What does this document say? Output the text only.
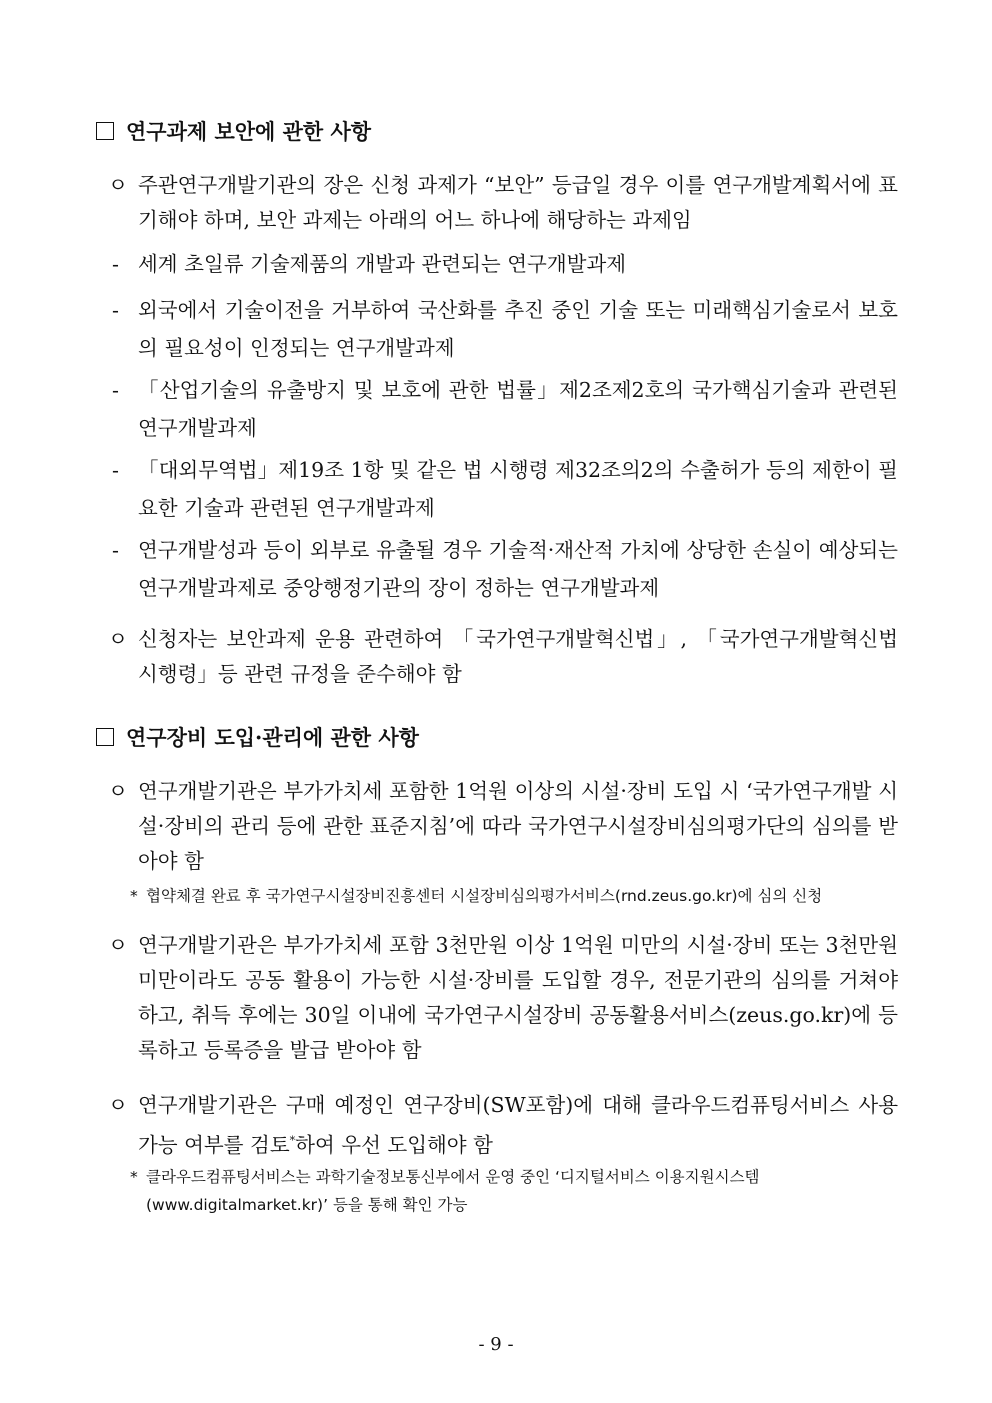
연구과제 보안에 관한 사항
ㅇ 주관연구개발기관의 장은 신청 과제가 “보안” 등급일 경우 이를 연구개발계획서에 표기해야 하며, 보안 과제는 아래의 어느 하나에 해당하는 과제임
- 세계 초일류 기술제품의 개발과 관련되는 연구개발과제
- 외국에서 기술이전을 거부하여 국산화를 추진 중인 기술 또는 미래핵심기술로서 보호의 필요성이 인정되는 연구개발과제
- 「산업기술의 유출방지 및 보호에 관한 법률」제2조제2호의 국가핵심기술과 관련된 연구개발과제
- 「대외무역법」제19조 1항 및 같은 법 시행령 제32조의2의 수출허가 등의 제한이 필요한 기술과 관련된 연구개발과제
- 연구개발성과 등이 외부로 유출될 경우 기술적·재산적 가치에 상당한 손실이 예상되는 연구개발과제로 중앙행정기관의 장이 정하는 연구개발과제
ㅇ 신청자는 보안과제 운용 관련하여 「국가연구개발혁신법」, 「국가연구개발혁신법 시행령」등 관련 규정을 준수해야 함
연구장비 도입·관리에 관한 사항
ㅇ 연구개발기관은 부가가치세 포함한 1억원 이상의 시설·장비 도입 시 ‘국가연구개발 시설·장비의 관리 등에 관한 표준지침’에 따라 국가연구시설장비심의평가단의 심의를 받아야 함
* 협약체결 완료 후 국가연구시설장비진흥센터 시설장비심의평가서비스(rnd.zeus.go.kr)에 심의 신청
ㅇ 연구개발기관은 부가가치세 포함 3천만원 이상 1억원 미만의 시설·장비 또는 3천만원 미만이라도 공동 활용이 가능한 시설·장비를 도입할 경우, 전문기관의 심의를 거쳐야 하고, 취득 후에는 30일 이내에 국가연구시설장비 공동활용서비스(zeus.go.kr)에 등록하고 등록증을 발급 받아야 함
ㅇ 연구개발기관은 구매 예정인 연구장비(SW포함)에 대해 클라우드컴퓨팅서비스 사용 가능 여부를 검토*하여 우선 도입해야 함
* 클라우드컴퓨팅서비스는 과학기술정보통신부에서 운영 중인 ‘디지털서비스 이용지원시스템(www.digitalmarket.kr)’ 등을 통해 확인 가능
- 9 -
